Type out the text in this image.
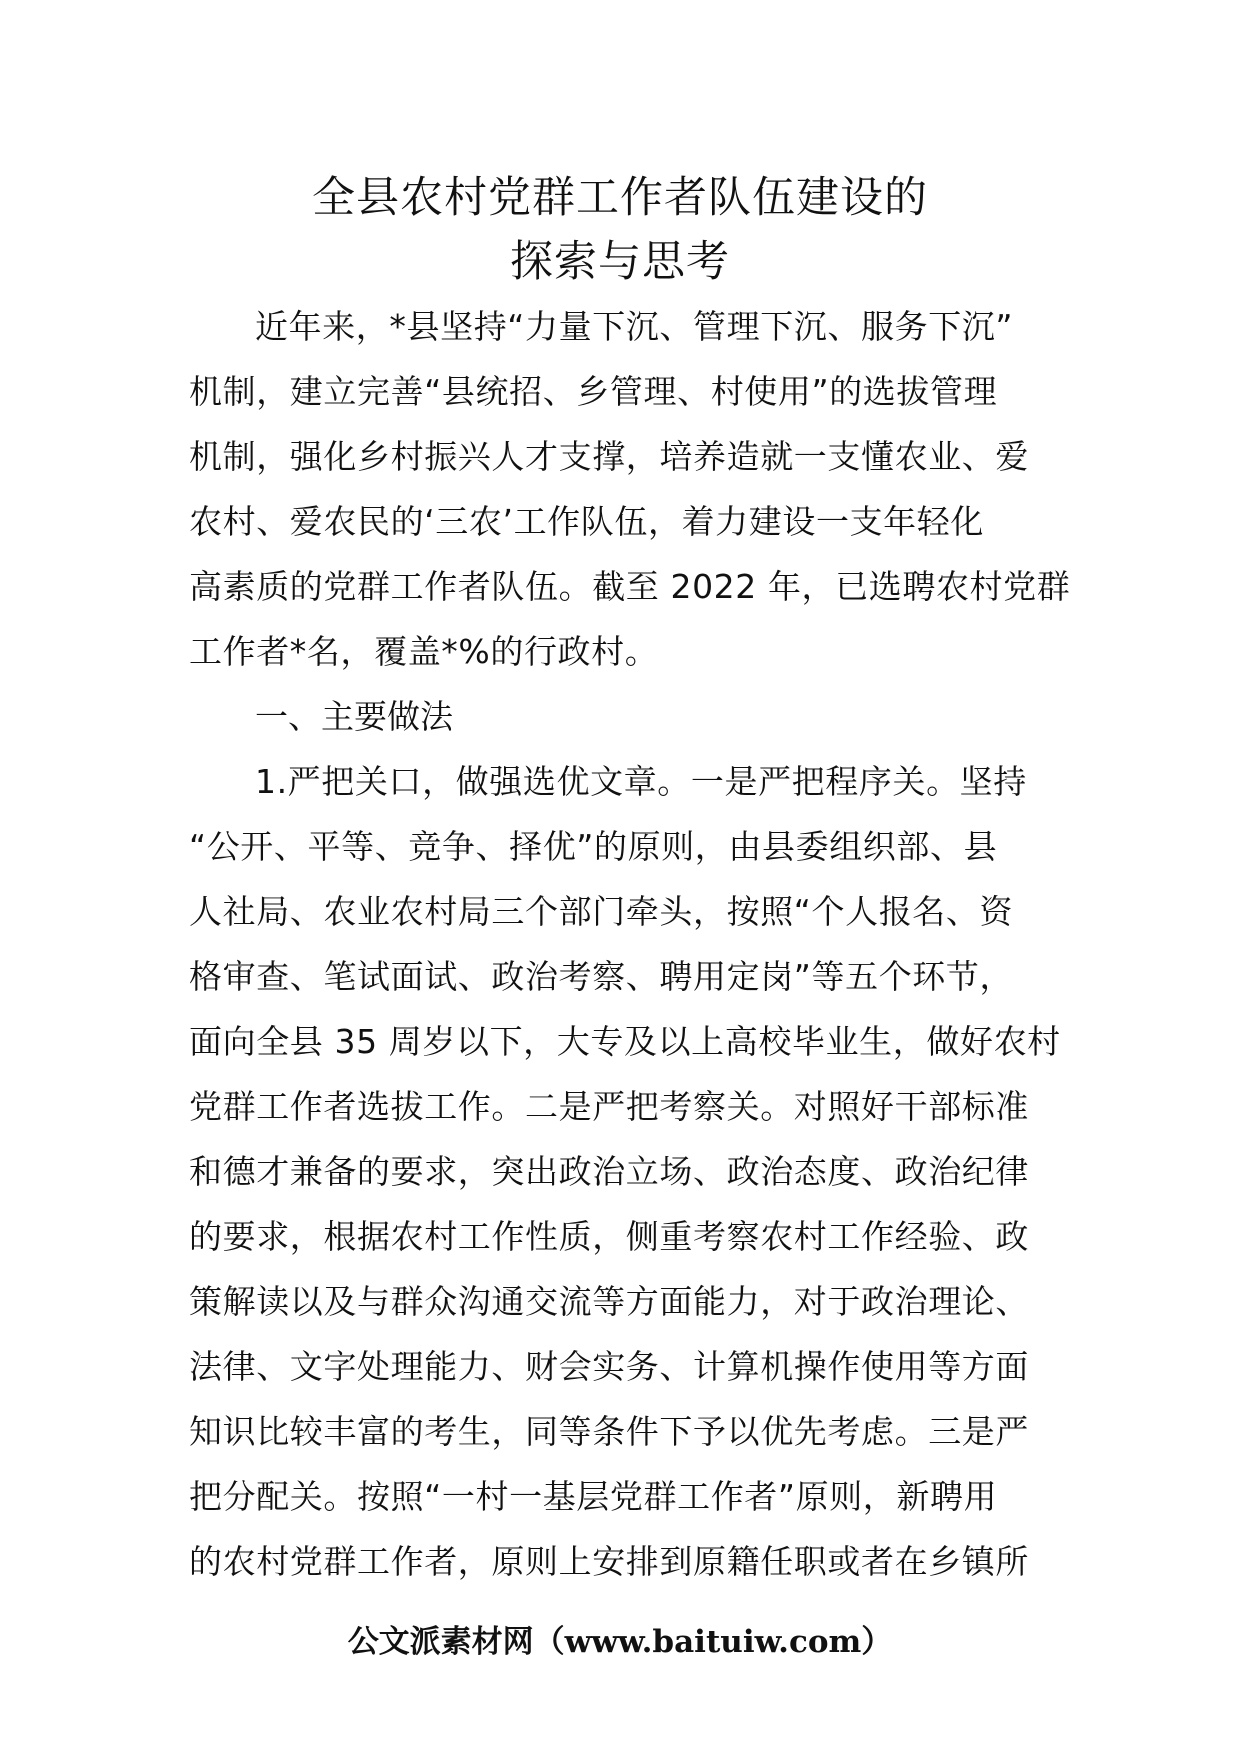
全县农村党群工作者队伍建设的
探索与思考
近年来，*县坚持“力量下沉、管理下沉、服务下沉”
机制，建立完善“县统招、乡管理、村使用”的选拔管理
机制，强化乡村振兴人才支撑，培养造就一支懂农业、爱
农村、爱农民的‘三农’工作队伍，着力建设一支年轻化
高素质的党群工作者队伍。截至 2022 年，已选聘农村党群
工作者*名，覆盖*%的行政村。
一、主要做法
1.严把关口，做强选优文章。一是严把程序关。坚持
“公开、平等、竞争、择优”的原则，由县委组织部、县
人社局、农业农村局三个部门牵头，按照“个人报名、资
格审查、笔试面试、政治考察、聘用定岗”等五个环节，
面向全县 35 周岁以下，大专及以上高校毕业生，做好农村
党群工作者选拔工作。二是严把考察关。对照好干部标准
和德才兼备的要求，突出政治立场、政治态度、政治纪律
的要求，根据农村工作性质，侧重考察农村工作经验、政
策解读以及与群众沟通交流等方面能力，对于政治理论、
法律、文字处理能力、财会实务、计算机操作使用等方面
知识比较丰富的考生，同等条件下予以优先考虑。三是严
把分配关。按照“一村一基层党群工作者”原则，新聘用
的农村党群工作者，原则上安排到原籍任职或者在乡镇所
公文派素材网（www.baituiw.com）
